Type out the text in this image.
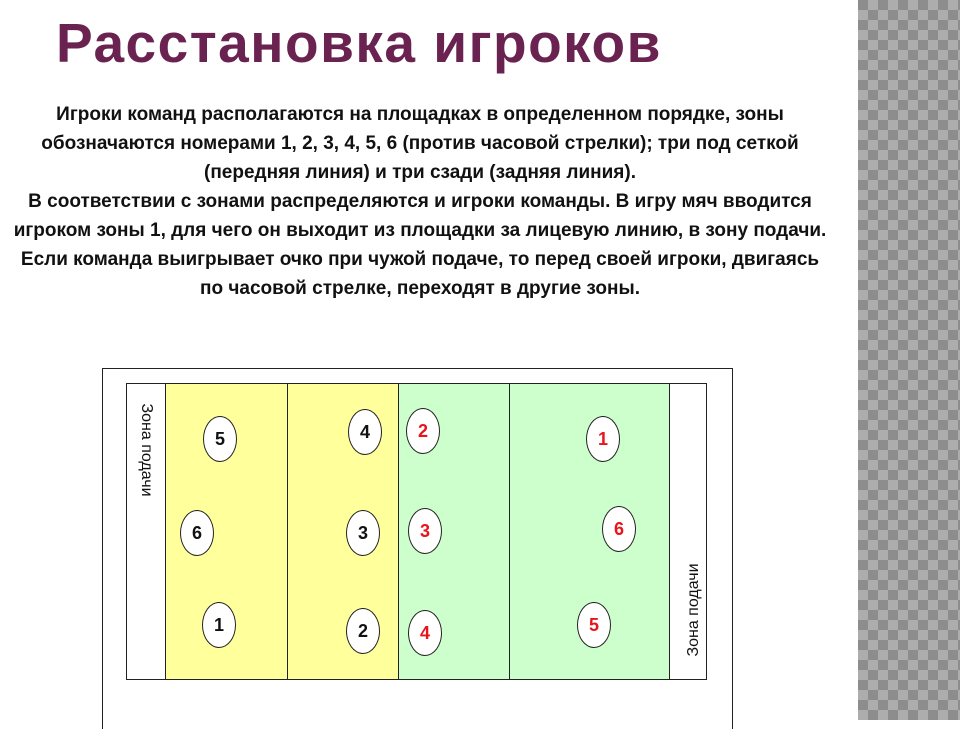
Расстановка игроков

Игроки команд располагаются на площадках в определенном порядке, зоны обозначаются номерами 1, 2, 3, 4, 5, 6 (против часовой стрелки); три под сеткой (передняя линия) и три сзади (задняя линия).

В соответствии с зонами распределяются и игроки команды. В игру мяч вводится игроком зоны 1, для чего он выходит из площадки за лицевую линию, в зону подачи.

Если команда выигрывает очко при чужой подаче, то перед своей игроки, двигаясь по часовой стрелке, переходят в другие зоны.

Зона подачи
Зона подачи
5
6
1
4
3
2
2
3
4
1
6
5
